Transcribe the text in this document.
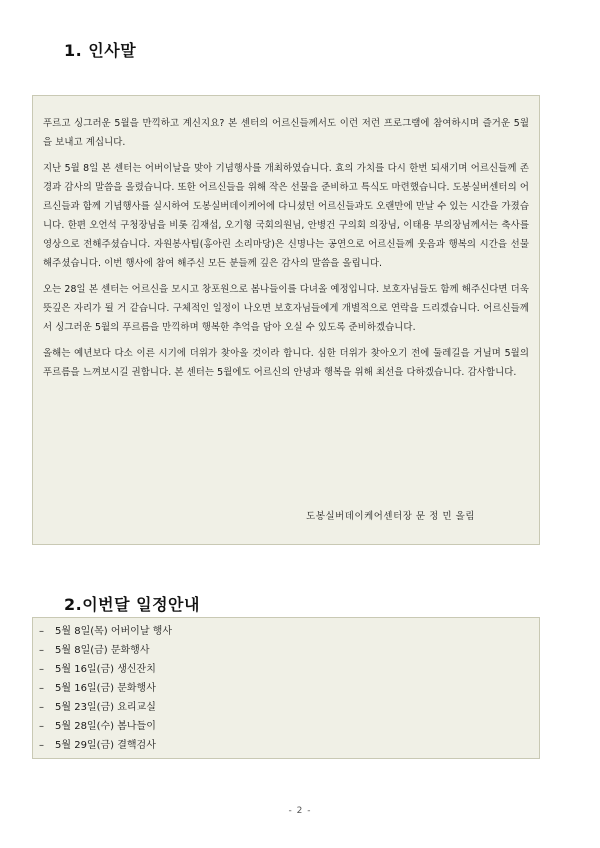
1. 인사말

푸르고 싱그러운 5월을 만끽하고 계신지요? 본 센터의 어르신들께서도 이런 저런 프로그램에 참여하시며 즐거운 5월을 보내고 계십니다.

지난 5월 8일 본 센터는 어버이날을 맞아 기념행사를 개최하였습니다. 효의 가치를 다시 한번 되새기며 어르신들께 존경과 감사의 말씀을 올렸습니다. 또한 어르신들을 위해 작은 선물을 준비하고 특식도 마련했습니다. 도봉실버센터의 어르신들과 함께 기념행사를 실시하여 도봉실버데이케어에 다니셨던 어르신들과도 오랜만에 만날 수 있는 시간을 가졌습니다. 한편 오언석 구청장님을 비롯 김재섭, 오기형 국회의원님, 안병건 구의회 의장님, 이태용 부의장님께서는 축사를 영상으로 전해주셨습니다. 자원봉사팀(홍아린 소리마당)은 신명나는 공연으로 어르신들께 웃음과 행복의 시간을 선물해주셨습니다. 이번 행사에 참여 해주신 모든 분들께 깊은 감사의 말씀을 올립니다.

오는 28일 본 센터는 어르신을 모시고 창포원으로 봄나들이를 다녀올 예정입니다. 보호자님들도 함께 해주신다면 더욱 뜻깊은 자리가 될 거 같습니다. 구체적인 일정이 나오면 보호자님들에게 개별적으로 연락을 드리겠습니다. 어르신들께서 싱그러운 5월의 푸르름을 만끽하며 행복한 추억을 담아 오실 수 있도록 준비하겠습니다.

올해는 예년보다 다소 이른 시기에 더위가 찾아올 것이라 합니다. 심한 더위가 찾아오기 전에 둘레길을 거닐며 5월의 푸르름을 느껴보시길 권합니다. 본 센터는 5월에도 어르신의 안녕과 행복을 위해 최선을 다하겠습니다. 감사합니다.

도봉실버데이케어센터장 문 정 민 올림
2.이번달 일정안내
– 5월 8일(목) 어버이날 행사
– 5월 8일(금) 문화행사
– 5월 16일(금) 생신잔치
– 5월 16일(금) 문화행사
– 5월 23일(금) 요리교실
– 5월 28일(수) 봄나들이
– 5월 29일(금) 결핵검사
- 2 -
